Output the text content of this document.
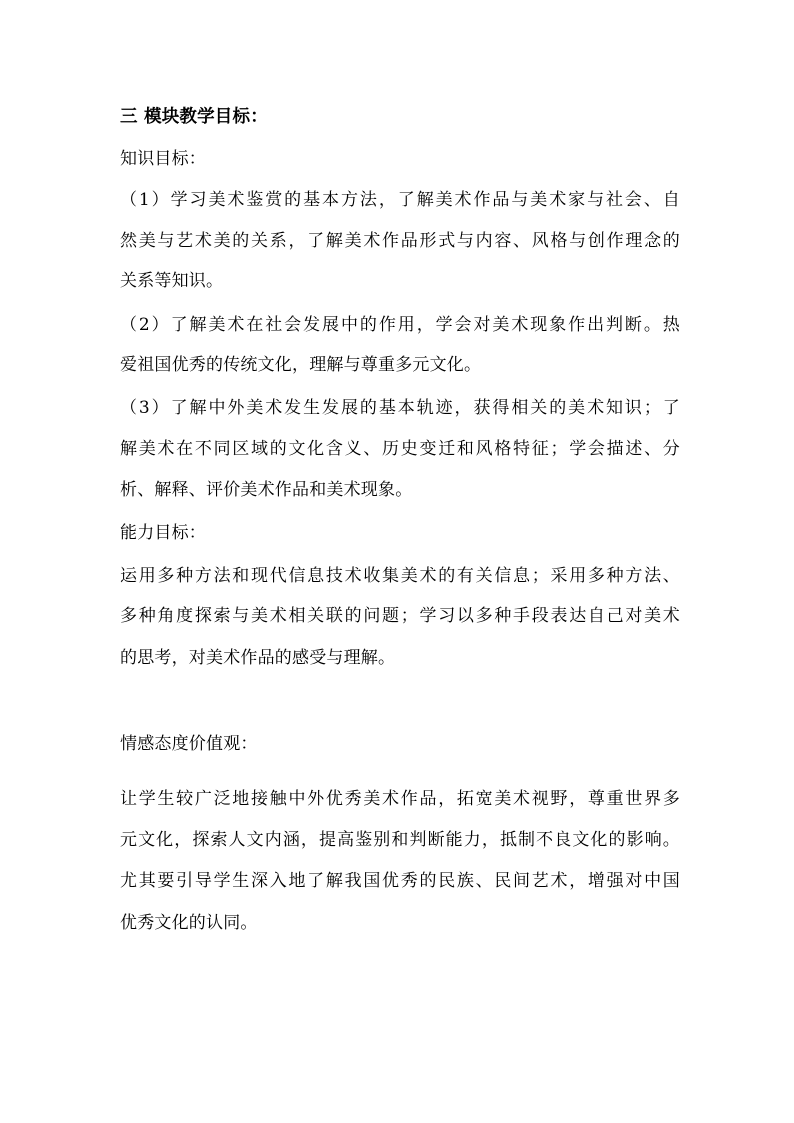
三 模块教学目标：
知识目标：
（1）学习美术鉴赏的基本方法，了解美术作品与美术家与社会、自
然美与艺术美的关系，了解美术作品形式与内容、风格与创作理念的
关系等知识。
（2）了解美术在社会发展中的作用，学会对美术现象作出判断。热
爱祖国优秀的传统文化，理解与尊重多元文化。
（3）了解中外美术发生发展的基本轨迹，获得相关的美术知识；了
解美术在不同区域的文化含义、历史变迁和风格特征；学会描述、分
析、解释、评价美术作品和美术现象。
能力目标：
运用多种方法和现代信息技术收集美术的有关信息；采用多种方法、
多种角度探索与美术相关联的问题；学习以多种手段表达自己对美术
的思考，对美术作品的感受与理解。
情感态度价值观：
让学生较广泛地接触中外优秀美术作品，拓宽美术视野，尊重世界多
元文化，探索人文内涵，提高鉴别和判断能力，抵制不良文化的影响。
尤其要引导学生深入地了解我国优秀的民族、民间艺术，增强对中国
优秀文化的认同。
